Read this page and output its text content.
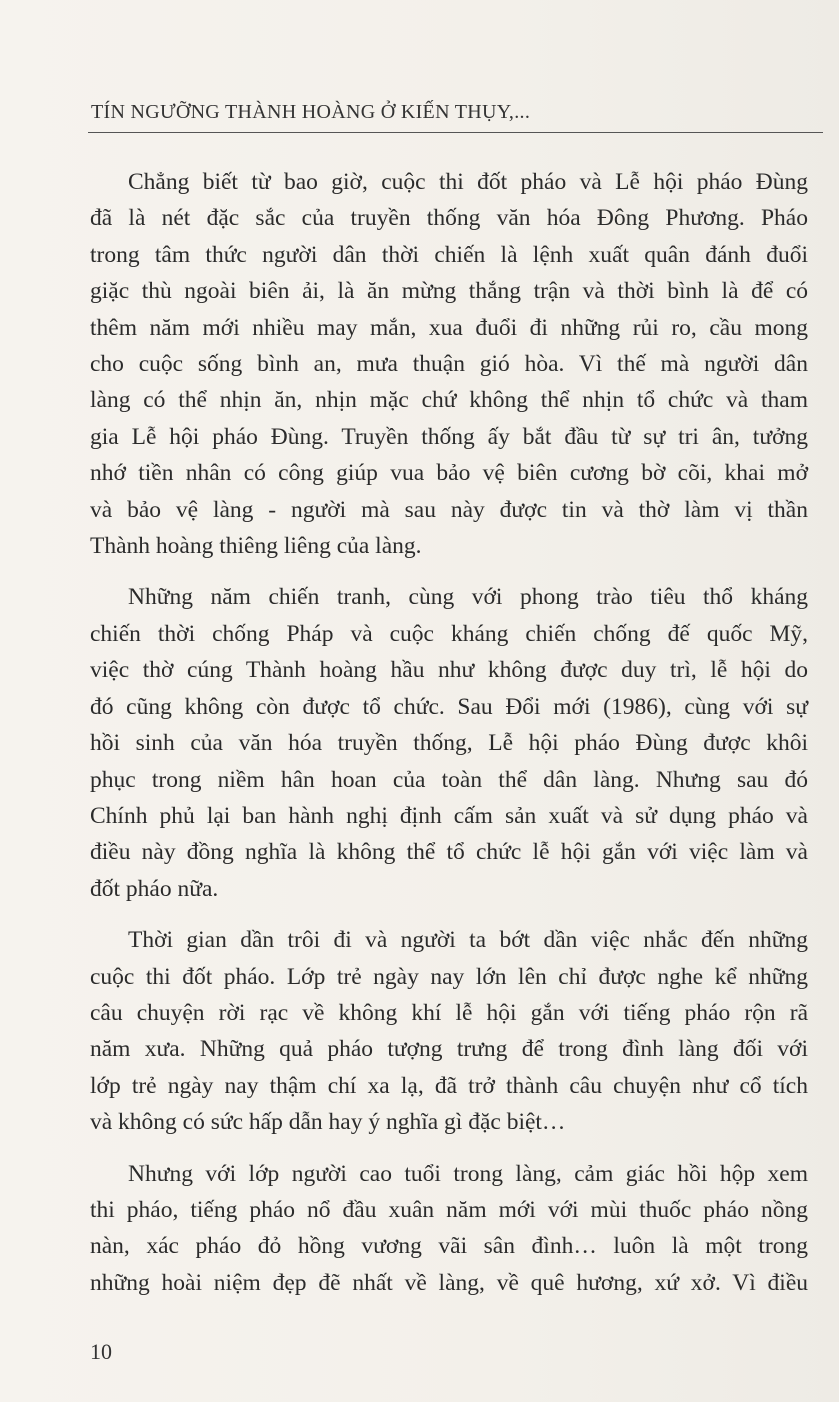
TÍN NGƯỠNG THÀNH HOÀNG Ở KIẾN THỤY,...

Chẳng biết từ bao giờ, cuộc thi đốt pháo và Lễ hội pháo Đùng
đã là nét đặc sắc của truyền thống văn hóa Đông Phương. Pháo
trong tâm thức người dân thời chiến là lệnh xuất quân đánh đuổi
giặc thù ngoài biên ải, là ăn mừng thắng trận và thời bình là để có
thêm năm mới nhiều may mắn, xua đuổi đi những rủi ro, cầu mong
cho cuộc sống bình an, mưa thuận gió hòa. Vì thế mà người dân
làng có thể nhịn ăn, nhịn mặc chứ không thể nhịn tổ chức và tham
gia Lễ hội pháo Đùng. Truyền thống ấy bắt đầu từ sự tri ân, tưởng
nhớ tiền nhân có công giúp vua bảo vệ biên cương bờ cõi, khai mở
và bảo vệ làng - người mà sau này được tin và thờ làm vị thần
Thành hoàng thiêng liêng của làng.

Những năm chiến tranh, cùng với phong trào tiêu thổ kháng
chiến thời chống Pháp và cuộc kháng chiến chống đế quốc Mỹ,
việc thờ cúng Thành hoàng hầu như không được duy trì, lễ hội do
đó cũng không còn được tổ chức. Sau Đổi mới (1986), cùng với sự
hồi sinh của văn hóa truyền thống, Lễ hội pháo Đùng được khôi
phục trong niềm hân hoan của toàn thể dân làng. Nhưng sau đó
Chính phủ lại ban hành nghị định cấm sản xuất và sử dụng pháo và
điều này đồng nghĩa là không thể tổ chức lễ hội gắn với việc làm và
đốt pháo nữa.

Thời gian dần trôi đi và người ta bớt dần việc nhắc đến những
cuộc thi đốt pháo. Lớp trẻ ngày nay lớn lên chỉ được nghe kể những
câu chuyện rời rạc về không khí lễ hội gắn với tiếng pháo rộn rã
năm xưa. Những quả pháo tượng trưng để trong đình làng đối với
lớp trẻ ngày nay thậm chí xa lạ, đã trở thành câu chuyện như cổ tích
và không có sức hấp dẫn hay ý nghĩa gì đặc biệt…

Nhưng với lớp người cao tuổi trong làng, cảm giác hồi hộp xem
thi pháo, tiếng pháo nổ đầu xuân năm mới với mùi thuốc pháo nồng
nàn, xác pháo đỏ hồng vương vãi sân đình… luôn là một trong
những hoài niệm đẹp đẽ nhất về làng, về quê hương, xứ xở. Vì điều

10
